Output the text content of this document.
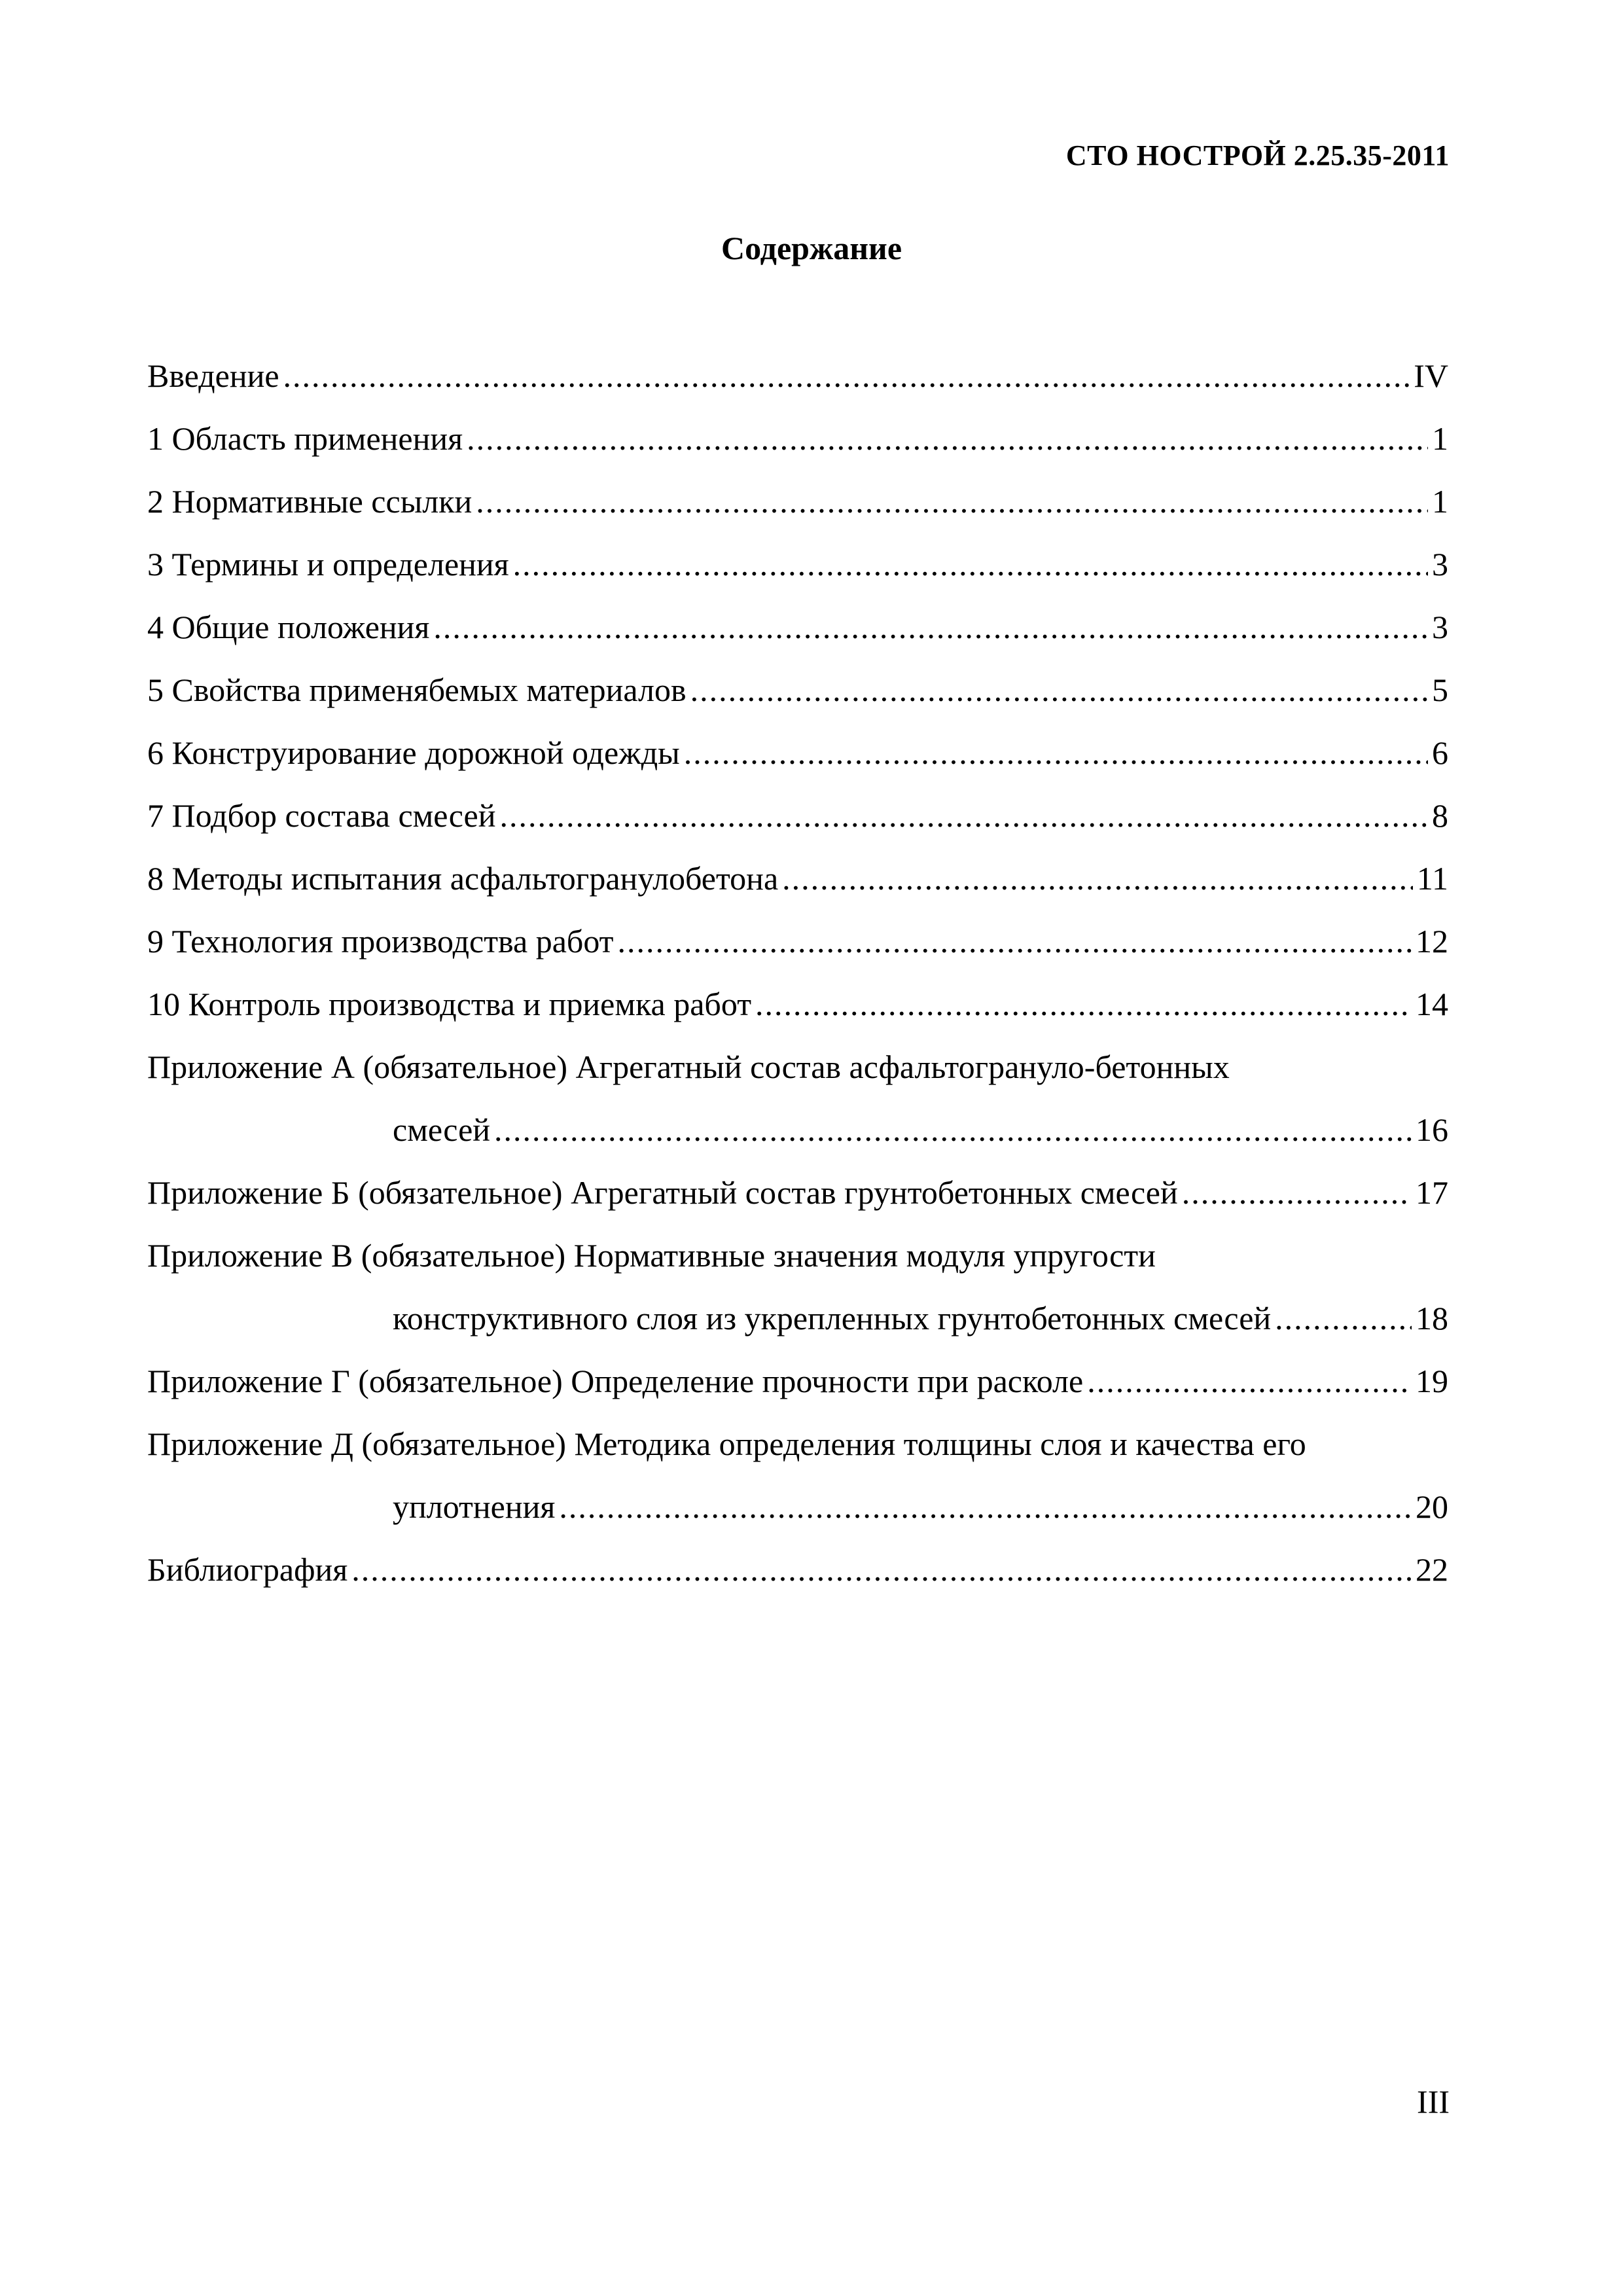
СТО НОСТРОЙ 2.25.35-2011
Содержание
Введение .....	IV
1 Область применения .....	1
2 Нормативные ссылки .....	1
3 Термины и определения .....	3
4 Общие положения .....	3
5 Свойства применябемых материалов .....	5
6 Конструирование дорожной одежды .....	6
7 Подбор состава смесей .....	8
8 Методы испытания асфальтогранулобетона .....	11
9 Технология производства работ .....	12
10 Контроль производства и приемка работ .....	14
Приложение А (обязательное) Агрегатный состав асфальтогрануло-бетонных
смесей .....	16
Приложение Б (обязательное) Агрегатный состав грунтобетонных смесей .....	17
Приложение В (обязательное) Нормативные значения модуля упругости
конструктивного слоя из укрепленных грунтобетонных смесей .....	18
Приложение Г (обязательное) Определение прочности при расколе .....	19
Приложение Д (обязательное) Методика определения толщины слоя и качества его
уплотнения .....	20
Библиография .....	22
III
